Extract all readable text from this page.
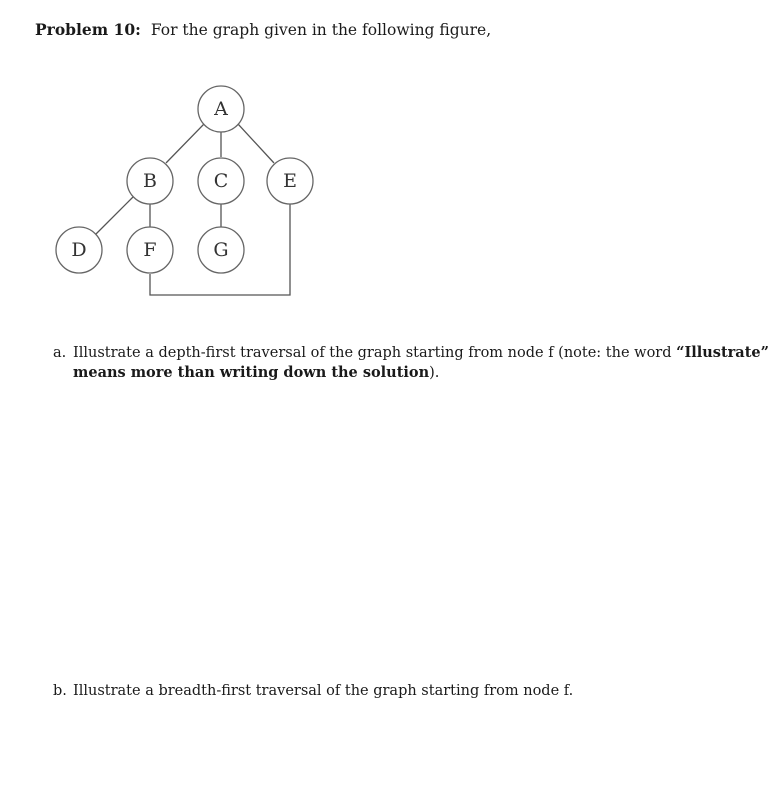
Problem 10: For the graph given in the following figure,
A
B	C	E
D	F	G
a. Illustrate a depth-first traversal of the graph starting from node f (note: the word “Illustrate”
means more than writing down the solution).
b. Illustrate a breadth-first traversal of the graph starting from node f.
